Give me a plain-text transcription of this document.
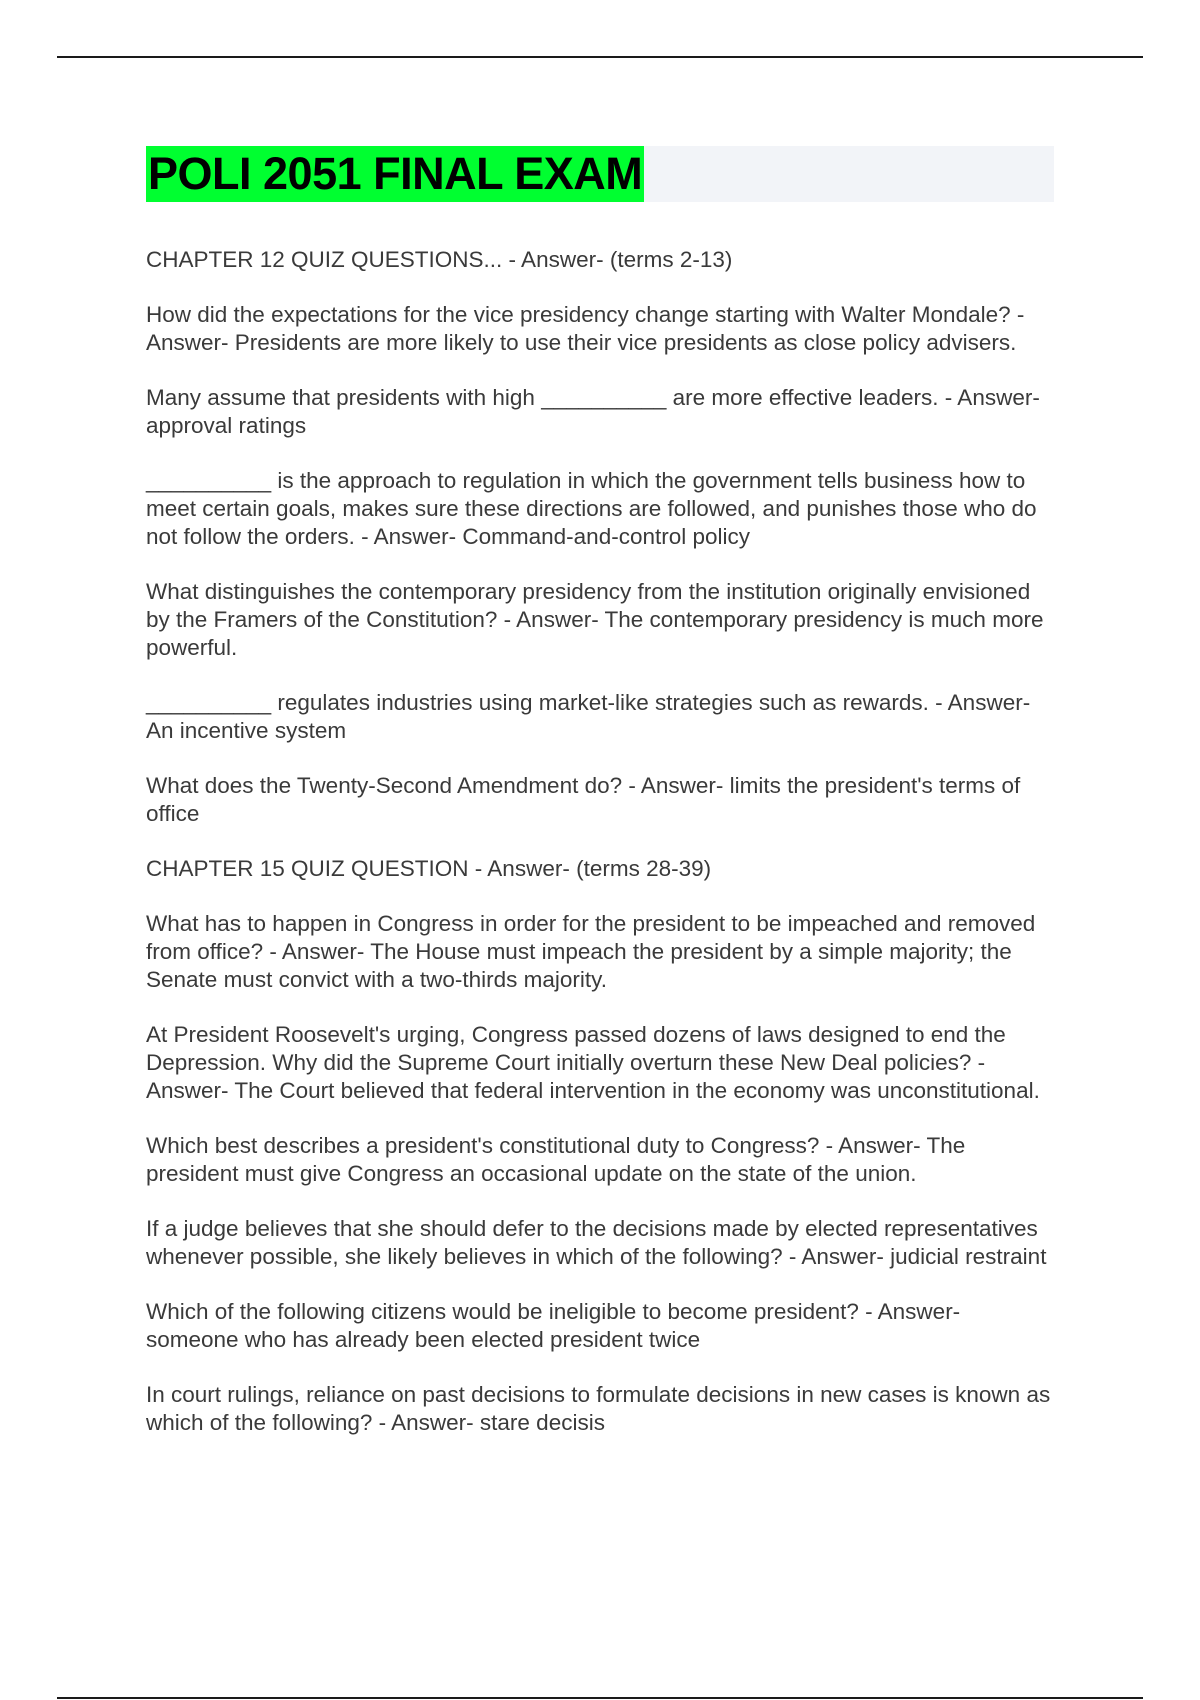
POLI 2051 FINAL EXAM

CHAPTER 12 QUIZ QUESTIONS... - Answer- (terms 2-13)

How did the expectations for the vice presidency change starting with Walter Mondale? - Answer- Presidents are more likely to use their vice presidents as close policy advisers.

Many assume that presidents with high __________ are more effective leaders. - Answer- approval ratings

__________ is the approach to regulation in which the government tells business how to meet certain goals, makes sure these directions are followed, and punishes those who do not follow the orders. - Answer- Command-and-control policy

What distinguishes the contemporary presidency from the institution originally envisioned by the Framers of the Constitution? - Answer- The contemporary presidency is much more powerful.

__________ regulates industries using market-like strategies such as rewards. - Answer- An incentive system

What does the Twenty-Second Amendment do? - Answer- limits the president's terms of office

CHAPTER 15 QUIZ QUESTION - Answer- (terms 28-39)

What has to happen in Congress in order for the president to be impeached and removed from office? - Answer- The House must impeach the president by a simple majority; the Senate must convict with a two-thirds majority.

At President Roosevelt's urging, Congress passed dozens of laws designed to end the Depression. Why did the Supreme Court initially overturn these New Deal policies? - Answer- The Court believed that federal intervention in the economy was unconstitutional.

Which best describes a president's constitutional duty to Congress? - Answer- The president must give Congress an occasional update on the state of the union.

If a judge believes that she should defer to the decisions made by elected representatives whenever possible, she likely believes in which of the following? - Answer- judicial restraint

Which of the following citizens would be ineligible to become president? - Answer- someone who has already been elected president twice

In court rulings, reliance on past decisions to formulate decisions in new cases is known as which of the following? - Answer- stare decisis
